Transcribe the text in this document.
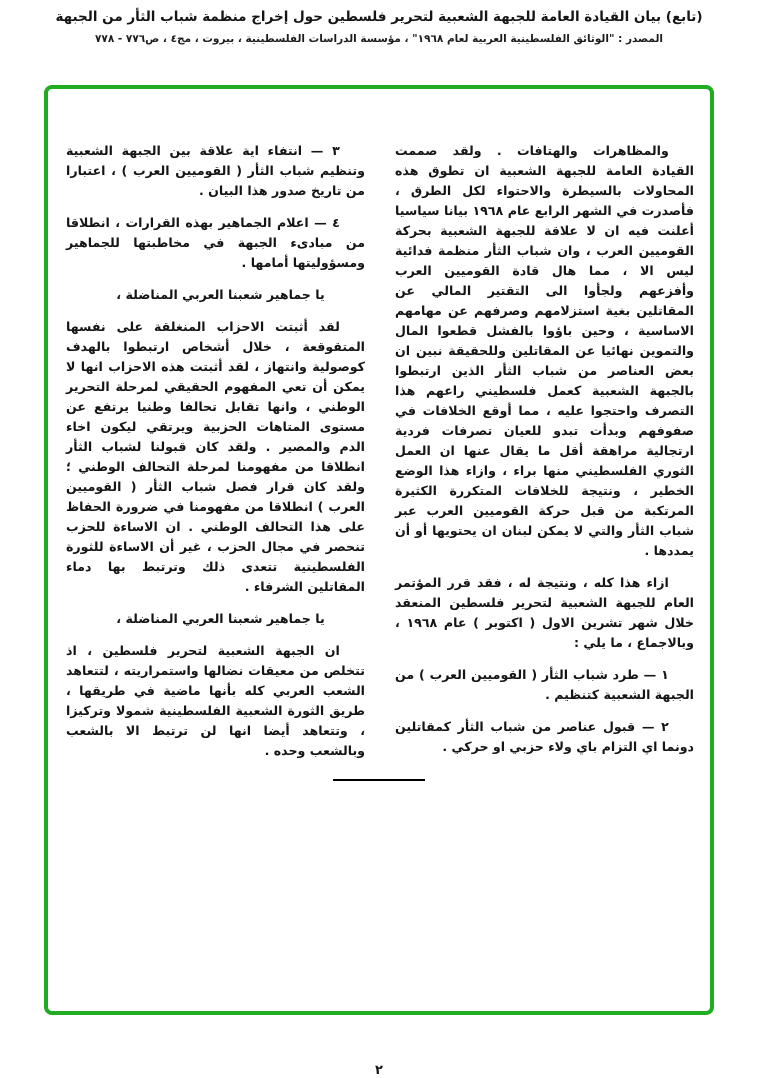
(تابع) بيان القيادة العامة للجبهة الشعبية لتحرير فلسطين حول إخراج منظمة شباب الثأر من الجبهة
المصدر : "الوثائق الفلسطينية العربية لعام ١٩٦٨" ، مؤسسة الدراسات الفلسطينية ، بيروت ، مج٤ ، ص٧٧٦ - ٧٧٨

والمظاهرات والهتافات . ولقد صممت القيادة العامة للجبهة الشعبية ان تطوق هذه المحاولات بالسيطرة والاحتواء لكل الطرق ، فأصدرت في الشهر الرابع عام ١٩٦٨ بيانا سياسيا أعلنت فيه ان لا علاقة للجبهة الشعبية بحركة القوميين العرب ، وان شباب الثأر منظمة فدائية ليس الا ، مما هال قادة القوميين العرب وأفزعهم ولجأوا الى التقتير المالي عن المقاتلين بغية استزلامهم وصرفهم عن مهامهم الاساسية ، وحين باؤوا بالفشل قطعوا المال والتموين نهائيا عن المقاتلين وللحقيقة نبين ان بعض العناصر من شباب الثأر الذين ارتبطوا بالجبهة الشعبية كعمل فلسطيني راعهم هذا التصرف واحتجوا عليه ، مما أوقع الخلافات في صفوفهم وبدأت تبدو للعيان تصرفات فردية ارتجالية مراهقة أقل ما يقال عنها ان العمل الثوري الفلسطيني منها براء ، وازاء هذا الوضع الخطير ، ونتيجة للخلافات المتكررة الكثيرة المرتكبة من قبل حركة القوميين العرب عبر شباب الثأر والتي لا يمكن لبنان ان يحتويها أو أن يمددها .

ازاء هذا كله ، ونتيجة له ، فقد قرر المؤتمر العام للجبهة الشعبية لتحرير فلسطين المنعقد خلال شهر تشرين الاول ( اكتوبر ) عام ١٩٦٨ ، وبالاجماع ، ما يلي :

١ — طرد شباب الثأر ( القوميين العرب ) من الجبهة الشعبية كتنظيم .

٢ — قبول عناصر من شباب الثأر كمقاتلين دونما اي التزام باي ولاء حزبي او حركي .

٣ — انتفاء اية علاقة بين الجبهة الشعبية وتنظيم شباب الثأر ( القوميين العرب ) ، اعتبارا من تاريخ صدور هذا البيان .

٤ — اعلام الجماهير بهذه القرارات ، انطلاقا من مبادىء الجبهة في مخاطبتها للجماهير ومسؤوليتها أمامها .

يا جماهير شعبنا العربي المناضلة ،

لقد أثبتت الاحزاب المنغلقة على نفسها المتقوقعة ، خلال أشخاص ارتبطوا بالهدف كوصولية وانتهاز ، لقد أثبتت هذه الاحزاب انها لا يمكن أن تعي المفهوم الحقيقي لمرحلة التحرير الوطني ، وانها تقابل تحالفا وطنيا يرتفع عن مستوى المتاهات الحزبية ويرتقي ليكون اخاء الدم والمصير . ولقد كان قبولنا لشباب الثأر انطلاقا من مفهومنا لمرحلة التحالف الوطني ؛ ولقد كان قرار فصل شباب الثأر ( القوميين العرب ) انطلاقا من مفهومنا في ضرورة الحفاظ على هذا التحالف الوطني . ان الاساءة للحزب تنحصر في مجال الحزب ، غير أن الاساءة للثورة الفلسطينية تتعدى ذلك وترتبط بها دماء المقاتلين الشرفاء .

يا جماهير شعبنا العربي المناضلة ،

ان الجبهة الشعبية لتحرير فلسطين ، اذ تتخلص من معيقات نضالها واستمراريته ، لتتعاهد الشعب العربي كله بأنها ماضية في طريقها ، طريق الثورة الشعبية الفلسطينية شمولا وتركيزا ، وتتعاهد أيضا انها لن ترتبط الا بالشعب وبالشعب وحده .

٢
